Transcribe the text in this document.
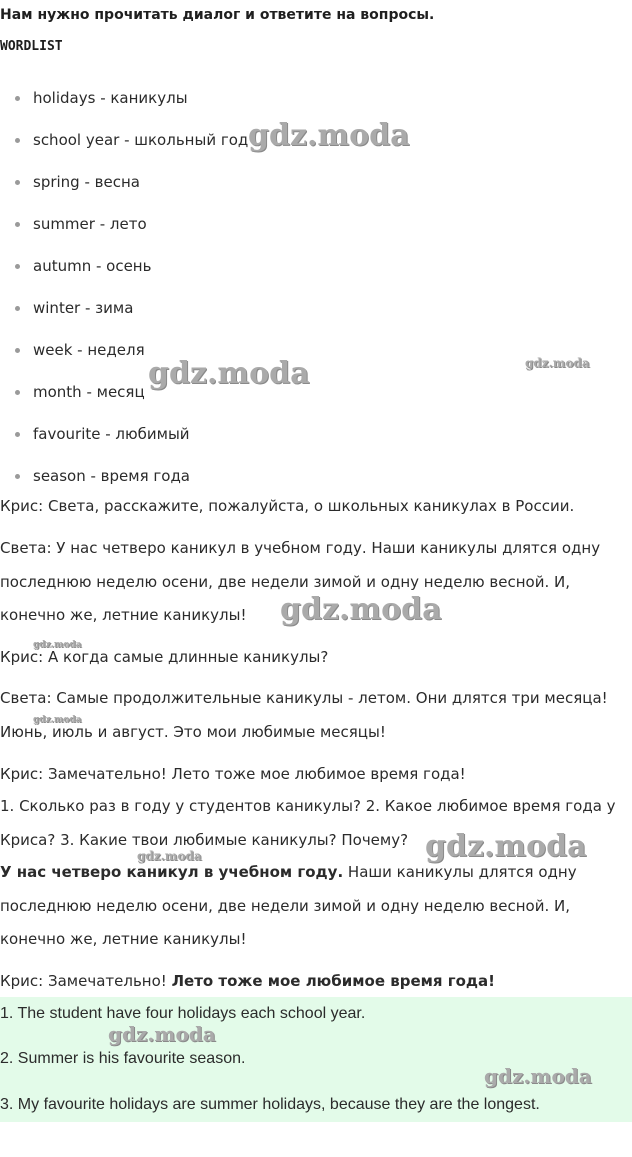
Нам нужно прочитать диалог и ответите на вопросы.
WORDLIST
holidays - каникулы
school year - школьный год
spring - весна
summer - лето
autumn - осень
winter - зима
week - неделя
month - месяц
favourite - любимый
season - время года
Крис: Света, расскажите, пожалуйста, о школьных каникулах в России.
Света: У нас четверо каникул в учебном году. Наши каникулы длятся одну
последнюю неделю осени, две недели зимой и одну неделю весной. И,
конечно же, летние каникулы!
Крис: А когда самые длинные каникулы?
Света: Самые продолжительные каникулы - летом. Они длятся три месяца!
Июнь, июль и август. Это мои любимые месяцы!
Крис: Замечательно! Лето тоже мое любимое время года!
1. Сколько раз в году у студентов каникулы? 2. Какое любимое время года у
Криса? 3. Какие твои любимые каникулы? Почему?
У нас четверо каникул в учебном году. Наши каникулы длятся одну
последнюю неделю осени, две недели зимой и одну неделю весной. И,
конечно же, летние каникулы!
Крис: Замечательно! Лето тоже мое любимое время года!
1. The student have four holidays each school year.
2. Summer is his favourite season.
3. My favourite holidays are summer holidays, because they are the longest.
gdz.moda
gdz.moda	gdz.moda
gdz.moda
gdz.moda
gdz.moda
gdz.moda
gdz.moda
gdz.moda
gdz.moda
